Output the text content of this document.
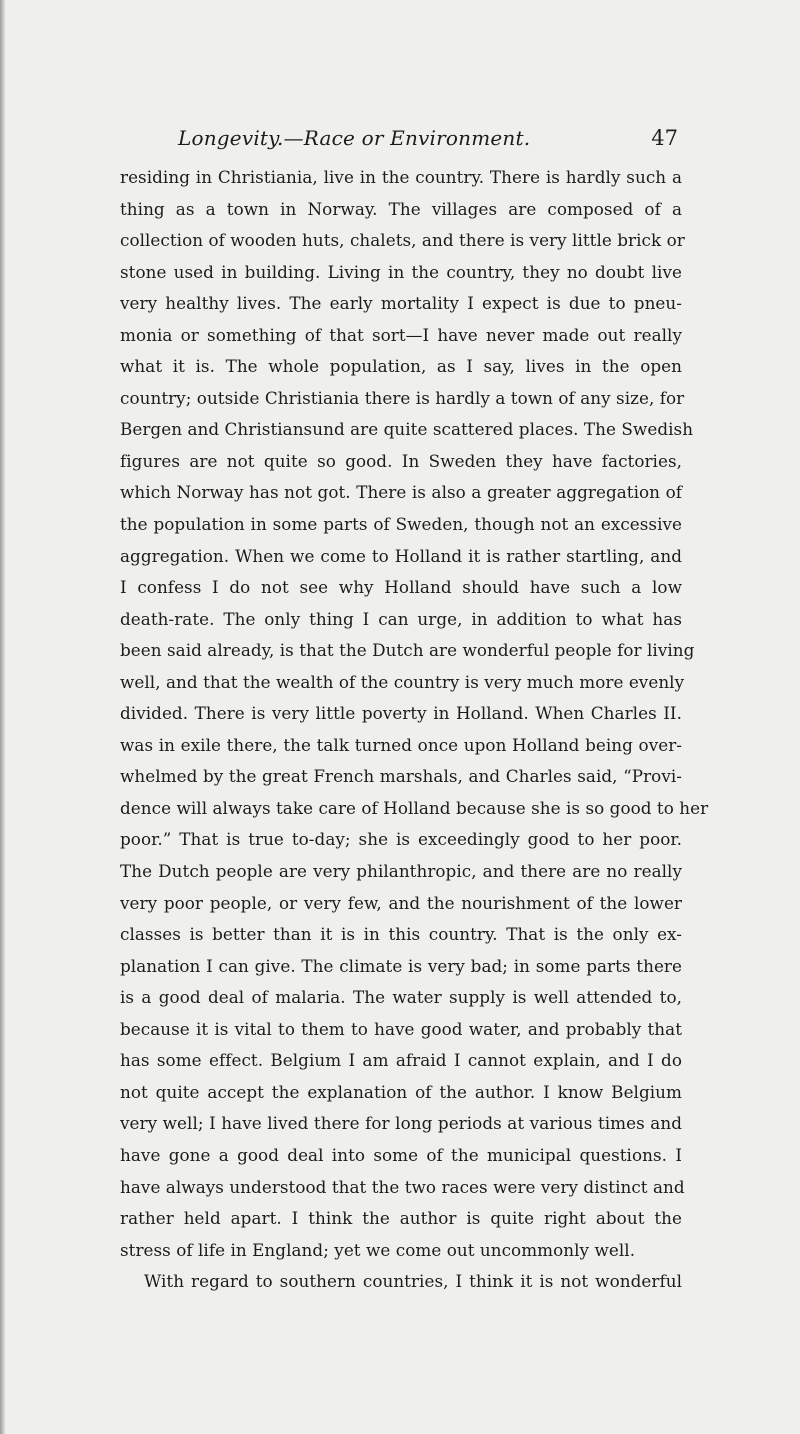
Longevity.—Race or Environment.	47
residing in Christiania, live in the country. There is hardly such a
thing as a town in Norway. The villages are composed of a
collection of wooden huts, chalets, and there is very little brick or
stone used in building. Living in the country, they no doubt live
very healthy lives. The early mortality I expect is due to pneu-
monia or something of that sort—I have never made out really
what it is. The whole population, as I say, lives in the open
country; outside Christiania there is hardly a town of any size, for
Bergen and Christiansund are quite scattered places. The Swedish
figures are not quite so good. In Sweden they have factories,
which Norway has not got. There is also a greater aggregation of
the population in some parts of Sweden, though not an excessive
aggregation. When we come to Holland it is rather startling, and
I confess I do not see why Holland should have such a low
death-rate. The only thing I can urge, in addition to what has
been said already, is that the Dutch are wonderful people for living
well, and that the wealth of the country is very much more evenly
divided. There is very little poverty in Holland. When Charles II.
was in exile there, the talk turned once upon Holland being over-
whelmed by the great French marshals, and Charles said, “Provi-
dence will always take care of Holland because she is so good to her
poor.” That is true to-day; she is exceedingly good to her poor.
The Dutch people are very philanthropic, and there are no really
very poor people, or very few, and the nourishment of the lower
classes is better than it is in this country. That is the only ex-
planation I can give. The climate is very bad; in some parts there
is a good deal of malaria. The water supply is well attended to,
because it is vital to them to have good water, and probably that
has some effect. Belgium I am afraid I cannot explain, and I do
not quite accept the explanation of the author. I know Belgium
very well; I have lived there for long periods at various times and
have gone a good deal into some of the municipal questions. I
have always understood that the two races were very distinct and
rather held apart. I think the author is quite right about the
stress of life in England; yet we come out uncommonly well.
With regard to southern countries, I think it is not wonderful
